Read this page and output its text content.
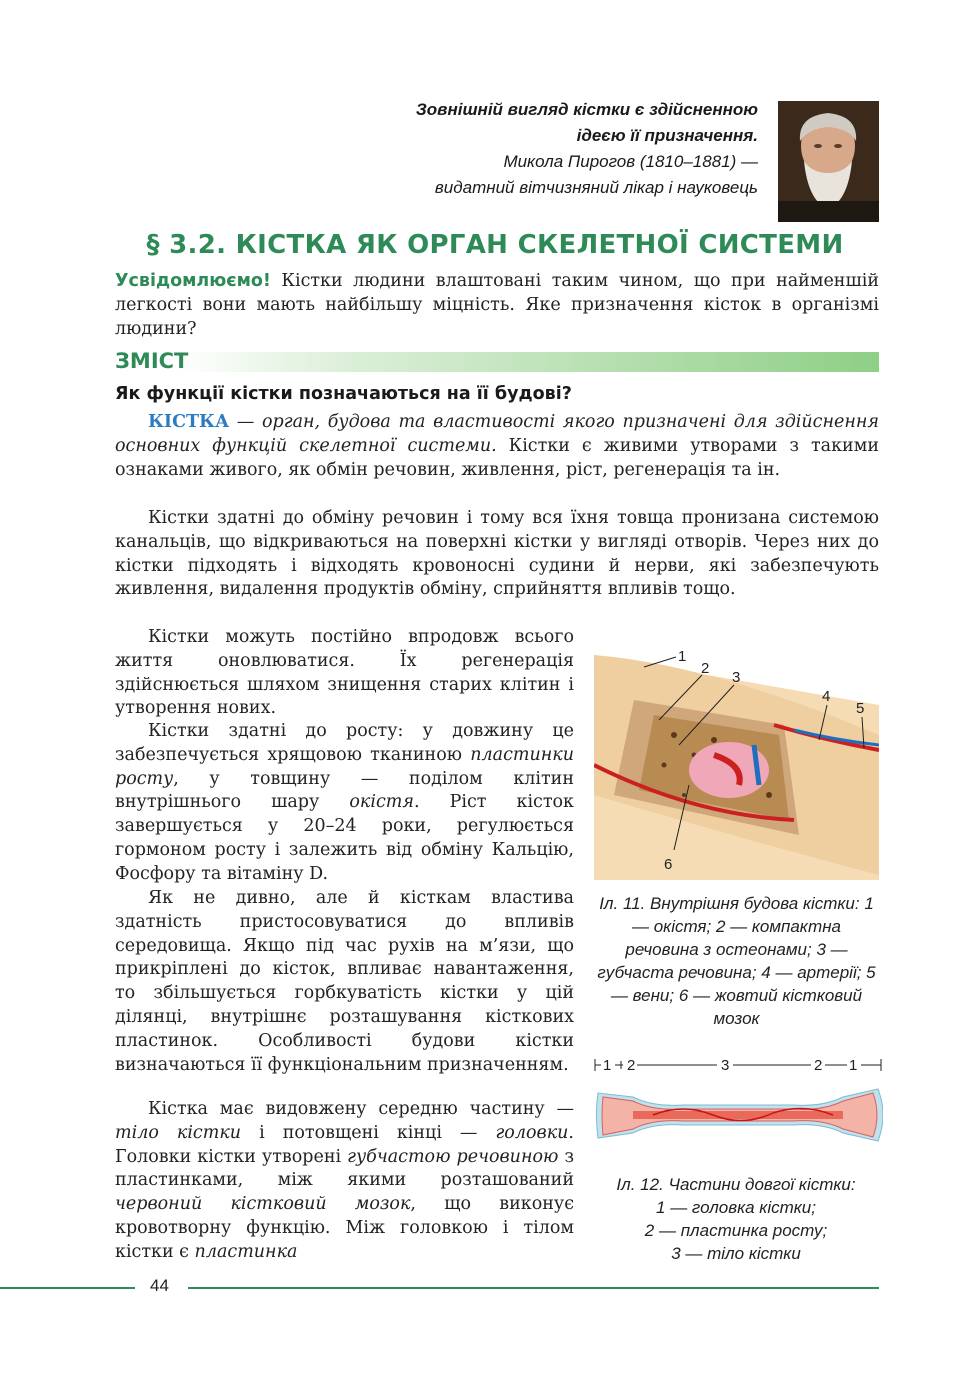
Зовнішній вигляд кістки є здійсненною
ідеєю її призначення.
Микола Пирогов (1810–1881) —
видатний вітчизняний лікар і науковець
§ 3.2. КІСТКА ЯК ОРГАН СКЕЛЕТНОЇ СИСТЕМИ
Усвідомлюємо! Кістки людини влаштовані таким чином, що при найменшій легкості вони мають найбільшу міцність. Яке призначення кісток в організмі людини?
ЗМІСТ
Як функції кістки позначаються на її будові?
КІСТКА — орган, будова та властивості якого призначені для здійснення основних функцій скелетної системи. Кістки є живими утворами з такими ознаками живого, як обмін речовин, живлення, ріст, регенерація та ін.
Кістки здатні до обміну речовин і тому вся їхня товща пронизана системою канальців, що відкриваються на поверхні кістки у вигляді отворів. Через них до кістки підходять і відходять кровоносні судини й нерви, які забезпечують живлення, видалення продуктів обміну, сприйняття впливів тощо.
Кістки можуть постійно впродовж всього життя оновлюватися. Їх регенерація здійснюється шляхом знищення старих клітин і утворення нових.
Кістки здатні до росту: у довжину це забезпечується хрящовою тканиною пластинки росту, у товщину — поділом клітин внутрішнього шару окістя. Ріст кісток завершується у 20–24 роки, регулюється гормоном росту і залежить від обміну Кальцію, Фосфору та вітаміну D.
Як не дивно, але й кісткам властива здатність пристосовуватися до впливів середовища. Якщо під час рухів на м’язи, що прикріплені до кісток, впливає навантаження, то збільшується горбкуватість кістки у цій ділянці, внутрішнє розташування кісткових пластинок. Особливості будови кістки визначаються її функціональним призначенням.
Кістка має видовжену середню частину — тіло кістки і потовщені кінці — головки. Головки кістки утворені губчастою речовиною з пластинками, між якими розташований червоний кістковий мозок, що виконує кровотворну функцію. Між головкою і тілом кістки є пластинка
1
2
3
4
5
6
Іл. 11. Внутрішня будова кістки: 1 — окістя; 2 — компактна речовина з остеонами; 3 — губчаста речовина; 4 — артерії; 5 — вени; 6 — жовтий кістковий мозок
1 2	3	2 1
Іл. 12. Частини довгої кістки:
1 — головка кістки;
2 — пластинка росту;
3 — тіло кістки
44
